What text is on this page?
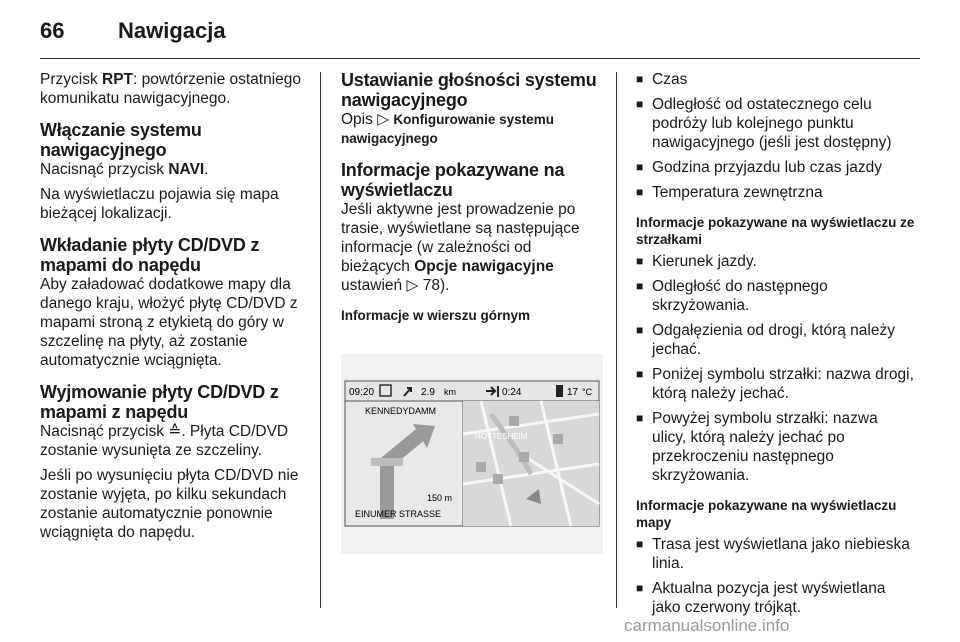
66 Nawigacja

Przycisk RPT: powtórzenie ostatniego komunikatu nawigacyjnego.

Włączanie systemu nawigacyjnego

Nacisnąć przycisk NAVI.

Na wyświetlaczu pojawia się mapa bieżącej lokalizacji.

Wkładanie płyty CD/DVD z mapami do napędu

Aby załadować dodatkowe mapy dla danego kraju, włożyć płytę CD/DVD z mapami stroną z etykietą do góry w szczelinę na płyty, aż zostanie automatycznie wciągnięta.

Wyjmowanie płyty CD/DVD z mapami z napędu

Nacisnąć przycisk ≙. Płyta CD/DVD zostanie wysunięta ze szczeliny.

Jeśli po wysunięciu płyta CD/DVD nie zostanie wyjęta, po kilku sekundach zostanie automatycznie ponownie wciągnięta do napędu.

Ustawianie głośności systemu nawigacyjnego

Opis ▷ Konfigurowanie systemu nawigacyjnego

Informacje pokazywane na wyświetlaczu

Jeśli aktywne jest prowadzenie po trasie, wyświetlane są następujące informacje (w zależności od bieżących Opcje nawigacyjne ustawień ▷ 78).

Informacje w wierszu górnym
09:20	2.9 km	0:24	17 °C
KENNEDYDAMM
150 m
EINUMER STRASSE
HOTTESHEIM
■ Czas
■ Odległość od ostatecznego celu podróży lub kolejnego punktu nawigacyjnego (jeśli jest dostępny)
■ Godzina przyjazdu lub czas jazdy
■ Temperatura zewnętrzna
Informacje pokazywane na wyświetlaczu ze strzałkami
■ Kierunek jazdy.
■ Odległość do następnego skrzyżowania.
■ Odgałęzienia od drogi, którą należy jechać.
■ Poniżej symbolu strzałki: nazwa drogi, którą należy jechać.
■ Powyżej symbolu strzałki: nazwa ulicy, którą należy jechać po przekroczeniu następnego skrzyżowania.
Informacje pokazywane na wyświetlaczu mapy
■ Trasa jest wyświetlana jako niebieska linia.
■ Aktualna pozycja jest wyświetlana jako czerwony trójkąt.
carmanualsonline.info
